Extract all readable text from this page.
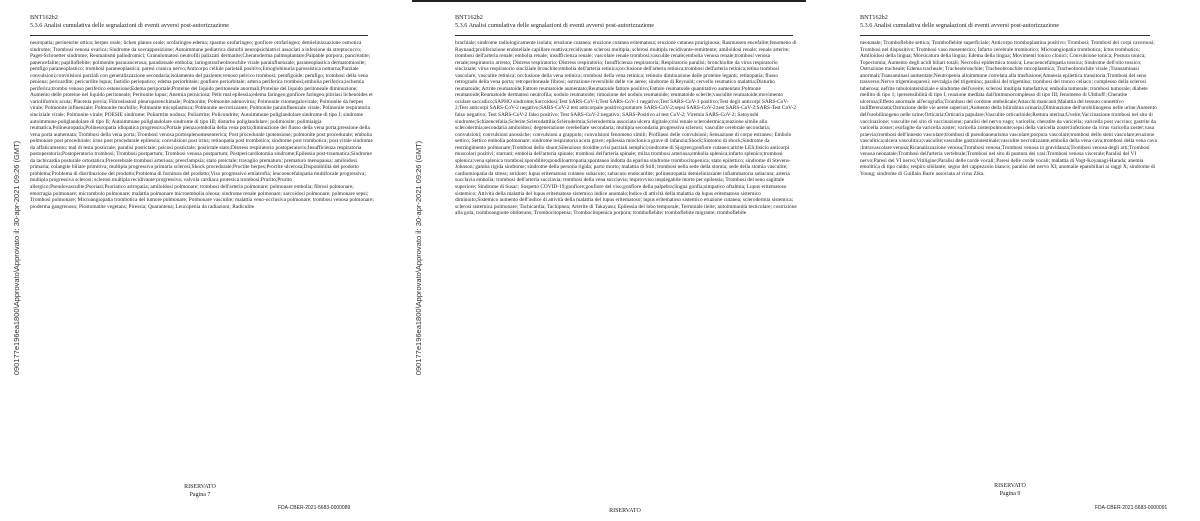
090177e196ea1800\Approvato\Approvato il: 30-apr-2021 09:26 (GMT)
BNT162b2
5.3.6 Analisi cumulativa delle segnalazioni di eventi avversi post-autorizzazione
neuropatia; perineurite ottica; herpes orale; lichen planus orale; orofaringeo edema; spasmo orofaringeo; gonfiore orofaringeo; demielinizzazione osmotica sindrome; Trombosi venosa ovarica; Sindrome da sovrapposizione; Autoimmune pediatrica disturbi neuropsichiatrici associati a infezione da streptococco; Paget-Schroetter sindrome; Reumatismi palindromici; Granulomatosi neutrofili palizzati dermatite;Cheratoderma palmoplantare;Palpable porpora; pancreatite; panencefalite; papilloflebite; polmonite paracancerosa; paradossale embolia; laringotracheobronchite virale parainfluenzale; paraneoplastica dermatomiosite; pemfigo paraneoplastico; trombosi paraneoplastica; paresi cranica nervo;Anticorpo cellule parietali positivo;Emoglobinuria parossistica notturna;Parziale convulsioni;convulsioni parziali con generalizzazione secondaria;isolamento del paziente;venoso pelvico trombosi; pemfigoide; pemfigo; trombosi della vena peniena; pericardite; pericardite lupus; fastidio periepatico; edema periorbitale; gonfiore periorbitale; arteria periferica trombosi;embolia periferica;ischemia periferica;trombo venoso periferico estensione;Edema periportale;Proteine del liquido peritoneale anormali;Proteine del liquido peritoneale diminuzione; Aumento delle proteine nel liquido peritoneale; Peritonite lupus; Anemia perniciosa; Petit mal epilessia;edema faringeo;gonfiore faringeo;pitiriasi lichenoides et varioliformis acuta; Placenta previa; Fibroelastosi pleuroparenchimale; Polmonite; Polmonite adenovirus; Polmonite citomegalovirale; Polmonite da herpes virale; Polmonite influenzale; Polmonite morbillo; Polmonite micoplasmica; Polmonite necrotizzante; Polmonite parainfluenzale virale; Polmonite respiratoria sinciziale virale; Polmonite virale; POESIE sindrome; Poliartrite nodosa; Poliartrite; Policondrite; Autoimmune poliglandolare sindrome di tipo I; sindrome autoimmune poliglandolare di tipo II; Autoimmune poliglandolare sindrome di tipo III; disturbo poliglandolare; polimiosite; polimialgia reumatica;Polineuropatia;Polineuropatia idiopatica progressiva;Portale pienza;embolia della vena porta;diminuzione del flusso della vena porta;pressione della vena porta aumentata; Trombosi della vena porta; Trombosi venosa portosplenomesenterica; Post procedurale ipotensione; polmonite post procedurale; embolia polmonare post procedurale; ictus post procedurale epilessia; convulsioni post ictus; retinopatia post trombotica; sindrome post trombotica; post virale sindrome da affaticamento; mal di testa postictale; paralisi postictale; psicosi postictale; postictale stato;Distress respiratorio postoperatorio;Insufficienza respiratoria postoperatoria;Postoperatorio trombosi; Trombosi postpartum; Trombosi venosa postpartum; Postpericardiotomia sindrome;Epilessia post-traumatica;Sindrome da tachicardia posturale ortostatica;Precerebrale trombosi arteriosa; preeclampsia; stato preictale; travaglio prematuro; prematuro menopausa; amiloidosi primaria; colangite biliare primitiva; multipla progressiva primaria sclerosi;Shock procedurale;Proctite herpes;Proctite ulcerosa;Disponibilità del prodotto problema;Problema di distribuzione del prodotto;Problema di fornitura del prodotto;Viso progressivo emiatrofia; leucoencefalopatia multifocale progressiva; multipla progressiva sclerosi; sclerosi multipla recidivante progressiva; valvola cardiaca protesica trombosi;Prurito;Prurito allergico;Pseudovasculite;Psoriasi;Psoriatico artropatia; amiloidosi polmonare; trombosi dell'arteria polmonare; polmonare embolia; fibrosi polmonare; emorragia polmonare; micrombolo polmonare; malattia polmonare microembolia oleosa; sindrome renale polmonare; sarcoidosi polmonare; polmonare sepsi; Trombosi polmonare; Microangiopatia trombotica del tumore polmonare; Polmonare vasculite; malattia veno-occlusiva polmonare; trombosi venosa polmonare; pioderma gangrenoso; Piostomatite vegetans; Piressia; Quarantena; Leucopenia da radiazioni; Radiculite
RISERVATO
Pagina 7
FDA-CBER-2021-5683-0000089
090177e196ea1800\Approvato\Approvato il: 30-apr-2021 09:26 (GMT)
BNT162b2
5.3.6 Analisi cumulativa delle segnalazioni di eventi avversi post-autorizzazione
brachiale; sindrome radiologicamente isolata; eruzione cutanea; eruzione cutanea eritematosa; eruzione cutanea pruriginosa; Rasmussen encefalite;fenomeno di Raynaud;proliferazione endoteliale capillare reattiva;recidivante sclerosi multipla; sclerosi multipla recidivante-remittente; amiloidosi renale; renale arterite; trombosi dell'arteria renale; embolia renale; insufficienza renale; vascolare renale trombosi;vasculite renale;embolia venosa renale;trombosi venosa renale;respiratorio arresto; Distress respiratorio; Distress respiratorio; Insufficienza respiratoria; Respiratorio paralisi; bronchiolite da virus respiratorio sinciziale; virus respiratorio sinciziale bronchite;embolia dell'arteria retinica;occlusione dell'arteria retinica;trombosi dell'arteria retinica;retina trombosi vascolare; vasculite retinica; occlusione della vena retinica; trombosi della vena retinica; retinolo diminuzione delle proteine leganti; retinopatia; flusso retrogrado della vena porta; retroperitoneale fibrosi; ostruzione reversibile delle vie aeree; sindrome di Reynold; cervello reumatico malattia;Disturbo reumatoide; Artrite reumatoide;Fattore reumatoide aumentato;Reumatoide fattore positivo;Fattore reumatoide quantitativo aumentato;Polmone reumatoide;Reumatoide dermatosi neutrofila; nodulo reumatoide; rimozione del nodulo reumatoide; reumatoide sclerite;vasculite reumatoide;movimento oculare saccadico;SAPHO sindrome;Sarcoidosi;Test SARS-CoV-1;Test SARS-CoV-1 negativo;Test SARS-CoV-1 positivo;Test degli anticorpi SARS-CoV-2;Test anticorpi SARS-CoV-2 negativo;SARS-CoV-2 test anticorpale positivo;portatore SARS-CoV-2;sepsi SARS-CoV-2;test SARS-CoV-2;SARS-Test CoV-2 falso negativo; Test SARS-CoV-2 falso positivo; Test SARS-CoV-2 negativo; SARS-Positivo al test CoV-2; Viremia SARS-CoV-2; Satoyoshi sindrome;Schizencefalia;Sclerite;Sclerodattilia;Sclerodermia;Sclerodermia associata ulcera digitale;crisi renale sclerodermica;reazione simile alla sclerodermia;secondaria amiloidosi; degenerazione cerebellare secondaria; multipla secondaria progressiva sclerosi; vasculite cerebrale secondaria; convulsioni; convulsioni anossiche; convulsioni a grappolo; convulsioni fenomeno simili; Profilassi delle convulsioni; Sensazione di corpo estraneo; Embolo settico; Settico embolia polmonare; sindrome respiratoria acuta grave; epilessia mioclonica grave di infanzia;Shock;Sintomo di shock;Sindrome da restringimento polmonare;Trombosi dello shunt;Silenzioso tiroidite;crisi parziali semplici;sindrome di Sjogren;gonfiore cutaneo;artrite LES;lisicio anticorpi muscolari positivi; starnuti; embolia dell'arteria spinale; trombosi dell'arteria spinale; milza trombosi arteriosa;embolia splenica;infarto splenico;trombosi splenica;vena splenica trombosi;spondilite;spondiloartropatia;spontanea indotta da eparina sindrome trombocitopenica; stato epilettico; sindrome di Stevens-Johnson; gamba rigida sindrome; sindrome della persona rigida; parto morto; malattia di Still; trombosi nella sede della stomia; sede della stomia vasculite; cardiomiopatia da stress; stridore; lupus eritematoso cutaneo subacuto; subacuto endocardite; polineuropatia demielinizzante infiammatoria subacuta; arteria succlavia embolia; trombosi dell'arteria succlavia; trombosi della vena succlavia; improvviso inspiegabile morte per epilessia; Trombosi del seno sagittale superiore; Sindrome di Susac; Sospetto COVID-19;gonfiore;gonfiore del viso;gonfiore della palpebra;lingua gonfia;simpatico oftalmia; Lupus eritematoso sistemico; Attività della malattia del lupus eritematoso sistemico indice anomalo;Indice di attività della malattia da lupus eritematoso sistemico diminuito;Sistemico aumento dell'indice di attività della malattia del lupus eritematoso; lupus eritematoso sistemico eruzione cutanea; sclerodermia sistemica; sclerosi sistemica polmonare; Tachicardia; Tachipnea; Arterite di Takayasu; Epilessia del lobo temporale; Terminale ileite; autoimmunità testicolare; costrizione alla gola; tromboangioite obliterans; Trombocitopenia; Trombocitopenica porpora; tromboflebite; tromboflebite migrante; tromboflebite
RISERVATO
BNT162b2
5.3.6 Analisi cumulativa delle segnalazioni di eventi avversi post-autorizzazione
neonatale; Tromboflebite settica; Tromboflebite superficiale; Anticorpo tromboplastina positivo; Trombosi; Trombosi dei corpi cavernosi; Trombosi nel dispositivo; Trombosi vaso mesenterico; Infarto cerebrale trombotico; Microangiopatia trombotica; Ictus trombotico; Amiloidosi della lingua; Morsicatura della lingua; Edema della lingua; Movimenti tonico clonici; Convulsione tonica; Postura tonica; Topectomia; Aumento degli acidi biliari totali; Necrolisi epidermica tossica; Leucoencefalopatia tossica; Sindrome dell'olio tossico; Ostruzione tracheale; Edema tracheale; Tracheobronchite; Tracheobronchite micoplasmica; Tracheobronchite virale ;Transaminasi anormali;Transaminasi aumentate;Neutropenia alloimmune correlata alla trasfusione;Amnesia epilettica transitoria;Trombosi del seno trasverso;Nervo trigeminoparesi; nevralgia del trigemino; paralisi del trigemino; trombosi del tronco celiaco; complesso della sclerosi tuberosa; nefrite tubulointerstiziale e sindrome dell'uveite; sclerosi multipla tumefattiva; embolia tumorale; trombosi tumorale; diabete mellito di tipo 1; ipersensibilità di tipo I; reazione mediata dall'immunocomplesso di tipo III; fenomeno di Uhthoff ;Cheratite ulcerosa;Effetto anormale all'ecografia;Trombosi del cordone ombelicale;Attacchi mancanti;Malattia del tessuto connettivo indifferenziata;Ostruzione delle vie aeree superiori;Aumento della bilirubina urinaria;Diminuzione dell'urobilinogeno nelle urine;Aumento dell'urobilinogeno nelle urine;Orticaria;Orticaria papulare;Vasculite orticarioide;Rottura uterina;Uveite;Vaccinazione trombosi nel sito di vaccinazione; vasculite nel sito di vaccinazione; paralisi del nervo vago; varicella; cheratite da varicella; varicella post vaccino; gastrite da varicella zoster; esofagite da varicella zoster; varicella zosterpolmonite;sepsi della varicella zoster;infezione da virus varicella zoster;vasa praevia;trombosi dell'innesto vascolare;trombosi di pseudoaneurisma vascolare;porpora vascolare;trombosi dello stent vascolare;eruzione vasculitica;ulcera vasculitica;vasculite;vasculite gastrointestinale;vasculite necrotizzante;embolia della vena cava;trombosi della vena cava ;Intravascolare venosa;Ricanalizzazione venosa;Trombosi venosa;Trombosi venosa in gravidanza;Trombosi venosa degli arti;Trombosi venosa neonatale;Trombosi dell'arteria vertebrale;Trombosi nel sito di puntura dei vasi;Trombosi venosa viscerale;Paralisi del VI nervo;Paresi del VI nervo;Vitiligine;Paralisi delle corde vocali; Paresi delle corde vocali; malattia di Vogt-Koyanagi-Harada; anemia emolitica di tipo caldo; respiro sibilante; segno del cappezzolo bianco; paralisi del nervo XI; anomalie epatobiliari ai raggi X; sindrome di Young; sindrome di Guillain Barre associata al virus Zika.
RISERVATO
Pagina 9
FDA-CBER-2021-5683-0000091
